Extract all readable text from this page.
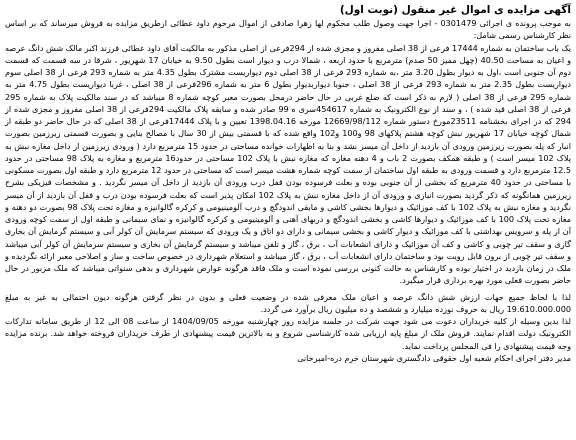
آگهی مزایده ی اموال غیر منقول (نوبت اول)

به موجب پرونده ی اجرائی 0301479 - اجرا جهت وصول طلب محکوم لها زهرا صادقی از اموال مرحوم داود عطائی ازطریق مزایده به فروش میرساند که بر اساس نظر کارشناس رسمی شامل:

یک باب ساختمان به شماره 17444 فرعی از 38 اصلی مفروز و مجزی شده از 294فرعی از اصلی مذکور به مالکیت آقای داود عطائی فرزند اکبر مالک شش دانگ عرصه و اعیان به مساحت 40.50 (چهل ممیز 50 صدم) مترمربع با حدود اربعه ، شمالا درب و دیوار است بطول 9.50 به خیابان 17 شهریور ، شرقا در سه قسمت که قسمت دوم آن جنوبی است ،اول به دیوار بطول 3.20 متر ،به شماره 293 فرعی از 38 اصلی دوم دیواریست مشترک بطول 4.35 متر به شماره 293 فرعی از 38 اصلی سوم دیواریست بطول 2.35 متر به شماره 293 فرعی از 38 اصلی ، جنوبا دیواربدیوار بطول 6 متر به شماره 296فرعی از 38 اصلی ، غربا دیواریست بطول 4.75 متر به شماره 295 فرعی از 38 اصلی ( لازم به ذکر است که ضلع غربی در حال حاضر درمحل بصورت معبر کوچه شماره 8 میباشد که در سند مالکیت پلاک به شماره 295 فرعی از 38 اصلی قید شده ) ، و سند از نوع الکترونیک به شماره 454617سری ه 99 صادر شده و سابقه پلاک مالکیت 294فرعی از 38 اصلی مفروز و مجزی شده از 294 که در اجرای بخشنامه 23511مورخ دستور شماره 12669/98/112 مورخه 1398.04.16 تعیین و با پلاک 17444فرعی از 38 اصلی که در حال حاضر دو طبقه از شمال کوچه خیابان 17 شهریور نبش کوچه هشتم پلاکهای 98 و100 و102 واقع شده که با قسمتی بیش از 30 سال با مصالح بنایی و بصورت قسمتی زیرزمین بصورت انبار که پله بصورت زیرزمین ورودی آن بازدید از داخل آن میسر نشد و بنا به اظهارات خوانده مساحتی در حدود 15 مترمربع دارد ( ورودی زیرزمین از داخل مغازه نبش به پلاک 102 میسر است ) و طبقه همکف بصورت 2 باب و 4 دهنه مغازه که مغازه نبش با پلاک 102 مساحتی در حدود16 مترمربع و مغازه به پلاک 98 مساحتی در حدود 12.5 مترمربع دارد و قسمت ورودی به طبقه اول ساختمان از سمت کوچه شماره هشت میسر است که مساحتی در حدود 12 مترمربع دارد و طبقه اول بصورت مسکونی با مساحتی در حدود 40 مترمربع که بخشی از آن جنوبی بوده و بعلت فرسوده بودن قفل درب ورودی آن بازدید از داخل آن میسر نگردید . و مشخصات فیزیکی بشرح زیرزمین همانگونه که ذکر گردید بصورت انباری و ورودی آن از داخل مغازه نبش به پلاک 102 امکان پذیر است که بعلت فرسوده بودن درب و قفل آن بازدید از آن میسر نگردید و مغازه نبش به پلاک 102 با کف موزائیک و دیوارها بخشی کاشی و مابقی اندودگچ و درب آلومینیومی و کرکره گالوانیزه و مغازه تحت پلاک 98 بصورت دو دهنه و مغازه تحت پلاک 100 با کف موزائیک و دیوارها کاشی و بخشی اندودگچ و دربهای آهنی و آلومینیومی و کرکره گالوانیزه و نمای سیمانی و طبقه اول از سمت کوچه ورودی آن از پله و سرویس بهداشتی با کف موزائیک و دیوار کاشی و بخشی سیمانی و دارای دو اتاق و یک ورودی که سیستم سرمایش آن کولر آبی و سیستم گرمایش آن بخاری گازی و سقف تیر چوبی و کاشی و کف آن موزائیک و دارای انشعابات آب ، برق ، گاز و تلفن میباشد و سیستم گرمایش آن بخاری و سیستم سرمایش آن کولر آبی میباشد و سقف تیر چوبی از برون قابل رویت بود و ساختمان دارای انشعابات آب ، برق ، گاز میباشد و استعلام شهرداری در خصوص ساخت و ساز و اصلاحی معبر ارائه نگردیده و ملک در زمان بازدید در اختیار بوده و کارشناس به حالت کنونی بررسی نموده است و ملک فاقد هرگونه عوارض شهرداری و بدهی سنواتی میباشد که ملک مزبور در حال حاضر بصورت فعلی مورد بهره برداری قرار میگیرد.

لذا با لحاظ جمیع جهات ارزش شش دانگ عرصه و اعیان ملک معرفی شده در وضعیت فعلی و بدون در نظر گرفتن هرگونه دیون احتمالی به غیر به مبلغ 19.610.000.000 ریال به حروف نوزده میلیارد و ششصد و ده میلیون ریال برآورد می گردد.

لذا بدین وسیله از کلیه خریداران دعوت می شود جهت شرکت در جلسه مزایده روز چهارشنبه مورخه 1404/09/05 از ساعت 08 الی 12 از طریق سامانه تدارکات الکترونیک دولت اقدام نمایند. فروش ملک از مبلغ پایه ارزیابی شده کارشناسی شروع و به بالاترین قیمت پیشنهادی از طرف خریداران فروخته خواهد شد. برنده مزایده وجه قیمت پیشنهادی را فی المجلس پرداخت نماید.

مدیر دفتر اجرای احکام شعبه اول حقوقی دادگستری شهرستان خرم دره-امیرخانی
